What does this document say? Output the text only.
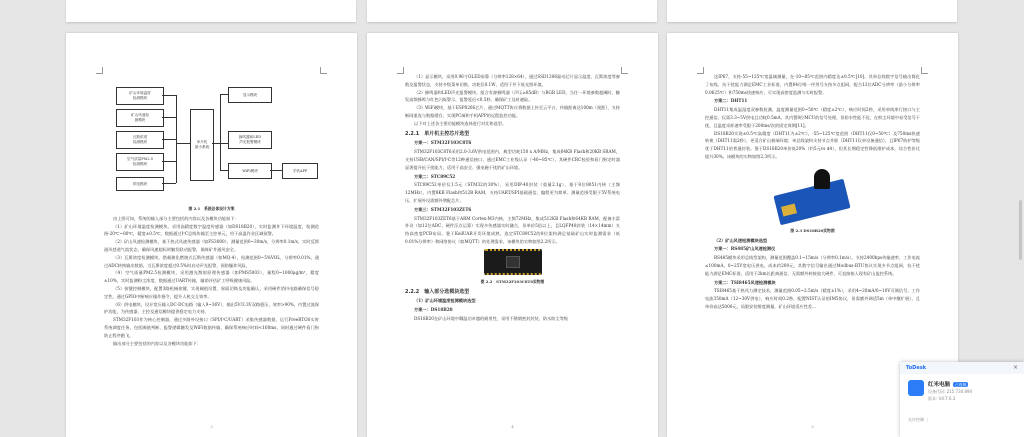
矿山环境温度
检测模块
矿山风速检
测模块
瓦斯浓度
检测模块
空气质量PM2.5
检测模块
供电模块
单片机
最小系统
显示模块
蜂鸣器和LED
声光报警模块
WiFi模块	手机APP
图 2.1　系统总体设计方案

由上图可知，系统的输入部分主要包括的内容以及各模块功能如下：

（1）矿山环境温度检测模块。采用高精度数字温度传感器（如DS18B20），实时监测井下环境温度，检测范围-20℃~80℃，精度±0.5℃，数据通过I²C总线传输至主控单元，用于高温作业区域预警。

（2）矿山风速检测模块，基于热式风速传感器（如FS3000），测量范围0~30m/s，分辨率0.1m/s，实时反馈通风巷道气流状态，确保风速超标时触发联动报警，保障矿井通风安全。

（3）瓦斯浓度检测模块，搭载催化燃烧式瓦斯传感器（如MQ-4），检测范围0~5%VOL，分辨率0.01%，通过ADC转换输出数据，当瓦斯浓度超过0.5%时启动声光报警，预防爆炸风险。

（4）空气质量PM2.5检测模块，采用激光散射原理传感器（如PMS5003），量程0~1000μg/m³，精度±10%，实时监测粉尘浓度，数据通过UART传输，辅助评估矿工呼吸健康风险。

（5）按键控制模块，配置3路机械按键，实现阈值设置、界面切换及功能确认，采用硬件消抖电路确保信号稳定性，通过GPIO中断响应操作指令，提升人机交互效率。

（6）供电模块，设计宽压输入DC-DC电路（输入9~36V），输出5V/3.3V双路稳压，效率>90%，内置过流保护功能，为传感器、主控及通信模块提供稳定电力支持。

STM32F103作为核心控制器，通过多路外设接口（SPI/I²C/UART）采集传感器数据，运行FreeRTOS实时系统调度任务，包括阈值判断、报警逻辑触发及WiFi数据传输，确保系统响应时间<100ms，同时通过硬件看门狗防止程序跑飞。

输出部分主要包括的内容以及各模块功能如下：

3

（1）显示模块，采用0.96寸OLED屏幕（分辨率128×64），通过SSD1306驱动芯片显示温度、瓦斯浓度等参数及报警状态，支持多级菜单切换，功耗仅0.1W，适用于井下低光照环境。

（2）蜂鸣器和LED声光报警模块，组合有源蜂鸣器（声压≥85dB）与RGB LED，当任一环境参数超阈时，触发高频蜂鸣与红色闪烁警示，报警延迟<0.5秒，确保矿工及时避险。

（3）WiFi模块，基于ESP8266芯片，通过MQTT协议将数据上传至云平台，传输距离达100m（视距），支持断网重连与数据缓存，实现PC端和手机APP的远程监控功能。

以下对上述各主要功能模块选择进行对比和选型。

2.2.1　单片机主控芯片选型

方案一：STM32F103C8T6

STM32F103C8T6采用2.0-3.6V供电范围内，典型功耗150 x A/MHz，集成64KB Flash和20KB SRAM，支持USB/CAN/SPI/I²C等12种通信接口，通过EMC工业级认证（-40~85℃），其硬件CRC校验和看门狗定时器显著提升抗干扰能力，适用于高安全、强电磁干扰的矿山环境。

方案二：STC89C52

STC89C52单价仅1.5元（STM32的30%），采用DIP-40封装（重量2.1g），基于8位8051内核（主频12MHz），内置8KB Flash和512B RAM，支持UART/SPI基础通信，编程更为简单。测量范围受限于5V系统电压，扩展外设需额外增配芯片。

方案三：STM32F103ZET6

STM32F103ZET6基于ARM Cortex-M3内核，主频72MHz，集成512KB Flash和64KB RAM，配备丰富外设（如12位ADC、硬件浮点运算）实现多传感器实时融合，但单价5倍以上，且LQFP48封装（14×14mm）支持高密度PCB布局。鉴于KeilUAR开发环境成熟，选定STC89C52的8位架构满足基础矿山实时监测需求（低0.01%分辨率）和网络协议（如MQTT）的处理需求，该模块的实物如图2.2所示。

图 2.2　STM32F103C8T6实物图
2.2.2　输入部分选模块选型

（1）矿山环境温度检测模块选型

方案一：DS18B20

DS18B20在矿山环境中聊温功卓越的耐用性，采用不锈钢密封封装，防水防尘等级

4

达IP67，支持-55~125℃宽温域测量，在-10~85℃范围内精度达±0.5℃[10]。其单总线数字信号输出简化了布线，抗干扰能力满足EMC工业标准，内置64位唯一序列号支持多点组网，配合12位ADC分辨率（最小分辨率0.0625℃）和750ms快速响应，可实现高密度监测与实时报警。

方案二：DHT11

DHT11集成温湿度双参数检测，温度测量范围0~50℃（精度±2℃），响应时间2秒，采用单线串行接口与主控通信。仅需3.3~5V供电且功耗0.5mA，其内置8位MCU的信号处理，但防水性能不佳，在粉尘环境中易受信号干扰，且温度采样速率受限于200ms/次的固定周期[11]。

DS18B20实现±0.5℃高精度（DHT11为±2℃），-55~125℃宽范围（DHT11仅0~50℃）及750ms快速转换（DHT11需2秒），更适合矿山极端环境；单总线架构支持节点并联（DHT11仅单设备通信），且IP67防护等级优于DHT11的普通封装。鉴于DS18B20单价低20%（约5元vs $4），但其长期稳定性降低维护成本，综合性价比提升30%。该模块的实物如图2.3所示。

图 2.3 DS18B20实物图

（2）矿山风速检测模块选型

方案一：RS485矿山风速检测仪

RS485模块采用总线型架构，测量范围覆盖0.1~15m/s（分辨率0.1m/s），支持2400bps传输速率，工作电流≤100mA。0~25V宽电压供电，成本约200元，其数字信号输出通过Modbus-RTU协议实现多节点组网，抗干扰能力满足EMC标准，适用于2km长距离通信，无需额外转接放大硬件，可直接接入现有矿山监控系统。

方案二：TSI8465风速检测模块

TSI8465基于热风力测定技术，测量范围0.05~2.5m/s（精度±1%），采用4~20mA/0~10V可调信号，工作电流350mA（12~30V供电），响应时间0.2秒，配置NIST认证的IM5协议，但需额外调适5m（单中继扩展），且单价高达5000元，局限安装维度测量，矿山环境适应性差...

5
ToDesk	×
红米电脑 已连接
设备代码: 215 734 894
版本: V4.7.6.3
允许控制 ⋮
